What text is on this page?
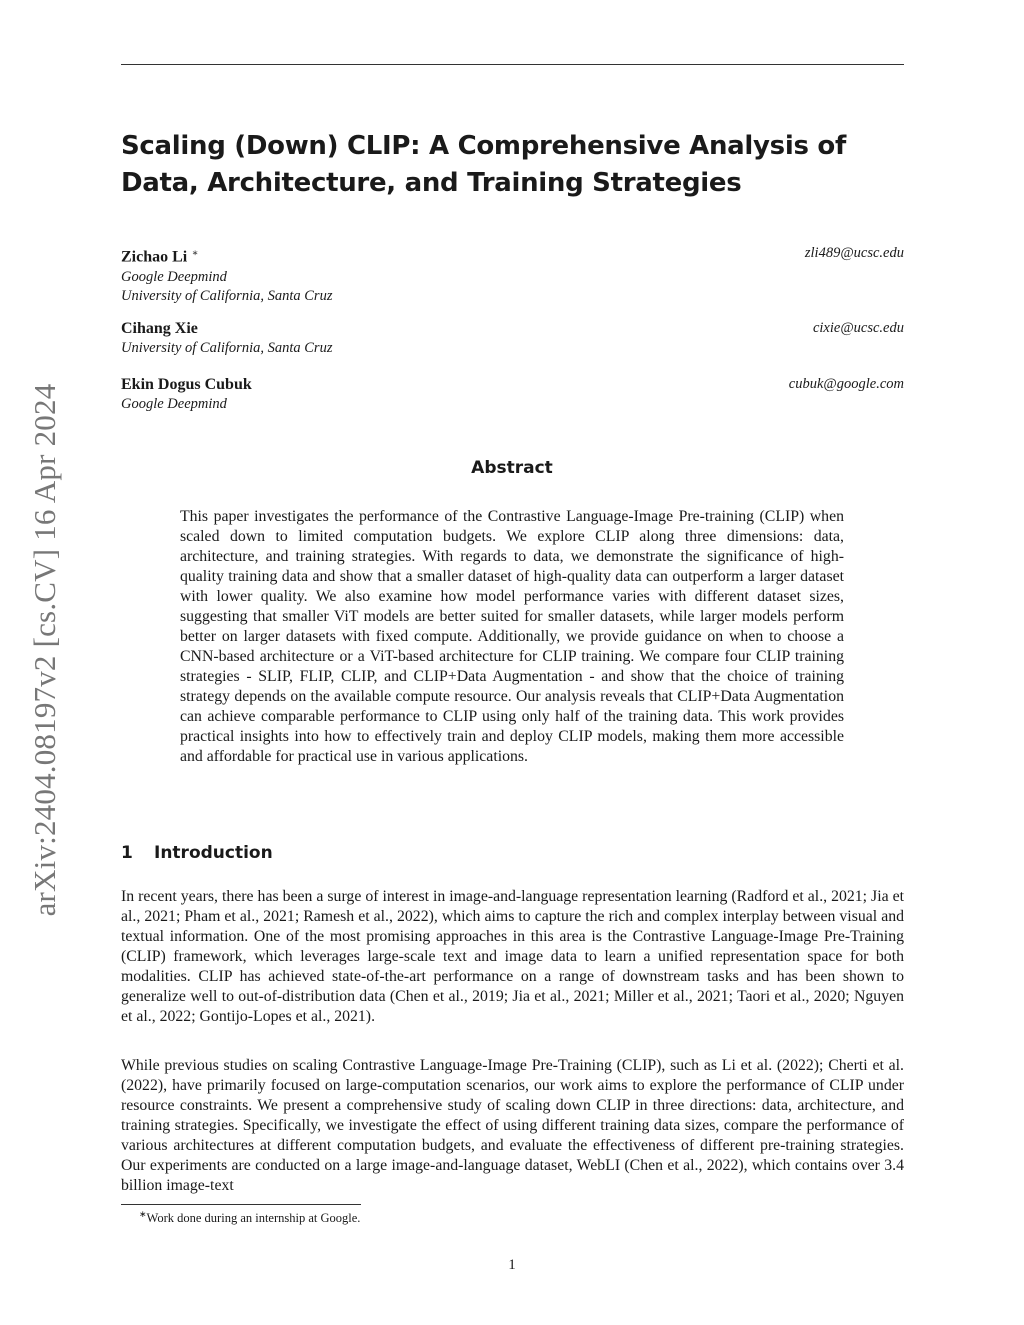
arXiv:2404.08197v2 [cs.CV] 16 Apr 2024
Scaling (Down) CLIP: A Comprehensive Analysis of Data, Architecture, and Training Strategies
Zichao Li ∗	zli489@ucsc.edu
Google Deepmind
University of California, Santa Cruz
Cihang Xie	cixie@ucsc.edu
University of California, Santa Cruz
Ekin Dogus Cubuk	cubuk@google.com
Google Deepmind
Abstract
This paper investigates the performance of the Contrastive Language-Image Pre-training (CLIP) when scaled down to limited computation budgets. We explore CLIP along three dimensions: data, architecture, and training strategies. With regards to data, we demonstrate the significance of high-quality training data and show that a smaller dataset of high-quality data can outperform a larger dataset with lower quality. We also examine how model performance varies with different dataset sizes, suggesting that smaller ViT models are better suited for smaller datasets, while larger models perform better on larger datasets with fixed compute. Additionally, we provide guidance on when to choose a CNN-based architecture or a ViT-based architecture for CLIP training. We compare four CLIP training strategies - SLIP, FLIP, CLIP, and CLIP+Data Augmentation - and show that the choice of training strategy depends on the available compute resource. Our analysis reveals that CLIP+Data Augmentation can achieve comparable performance to CLIP using only half of the training data. This work provides practical insights into how to effectively train and deploy CLIP models, making them more accessible and affordable for practical use in various applications.
1 Introduction
In recent years, there has been a surge of interest in image-and-language representation learning (Radford et al., 2021; Jia et al., 2021; Pham et al., 2021; Ramesh et al., 2022), which aims to capture the rich and complex interplay between visual and textual information. One of the most promising approaches in this area is the Contrastive Language-Image Pre-Training (CLIP) framework, which leverages large-scale text and image data to learn a unified representation space for both modalities. CLIP has achieved state-of-the-art performance on a range of downstream tasks and has been shown to generalize well to out-of-distribution data (Chen et al., 2019; Jia et al., 2021; Miller et al., 2021; Taori et al., 2020; Nguyen et al., 2022; Gontijo-Lopes et al., 2021).
While previous studies on scaling Contrastive Language-Image Pre-Training (CLIP), such as Li et al. (2022); Cherti et al. (2022), have primarily focused on large-computation scenarios, our work aims to explore the performance of CLIP under resource constraints. We present a comprehensive study of scaling down CLIP in three directions: data, architecture, and training strategies. Specifically, we investigate the effect of using different training data sizes, compare the performance of various architectures at different computation budgets, and evaluate the effectiveness of different pre-training strategies. Our experiments are conducted on a large image-and-language dataset, WebLI (Chen et al., 2022), which contains over 3.4 billion image-text
∗Work done during an internship at Google.
1
